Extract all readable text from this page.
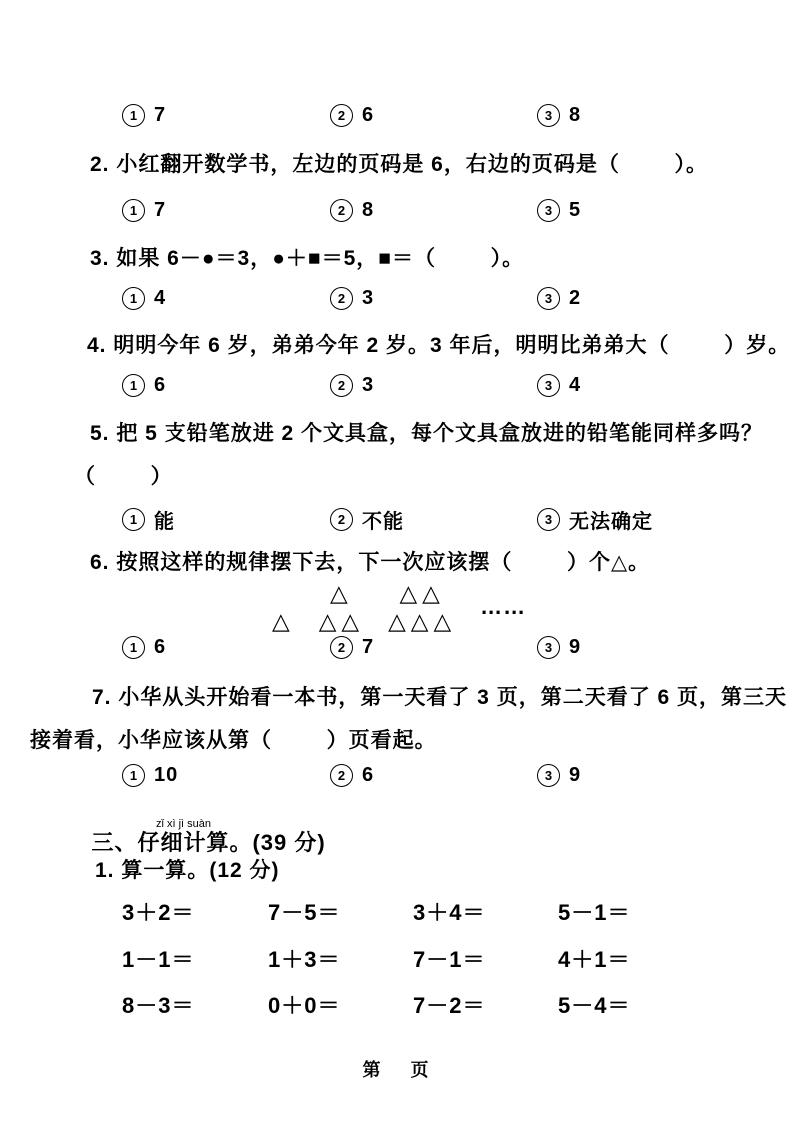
1 7	2 6	3 8
2. 小红翻开数学书，左边的页码是 6，右边的页码是（        ）。
1 7	2 8	3 5
3. 如果 6－●＝3，●＋■＝5，■＝（        ）。
1 4	2 3	3 2
4. 明明今年 6 岁，弟弟今年 2 岁。3 年后，明明比弟弟大（        ）岁。
1 6	2 3	3 4
5. 把 5 支铅笔放进 2 个文具盒，每个文具盒放进的铅笔能同样多吗？
（        ）
1 能	2 不能	3 无法确定
6. 按照这样的规律摆下去，下一次应该摆（        ）个△。
△
△
△△
△△
△△△
……
1 6	2 7	3 9
7. 小华从头开始看一本书，第一天看了 3 页，第二天看了 6 页，第三天
接着看，小华应该从第（        ）页看起。
1 10	2 6	3 9

三、仔细计算zǐ xì jì suàn。(39 分)

1. 算一算。(12 分)
3＋2＝	7－5＝	3＋4＝	5－1＝
1－1＝	1＋3＝	7－1＝	4＋1＝
8－3＝	0＋0＝	7－2＝	5－4＝
第    页
